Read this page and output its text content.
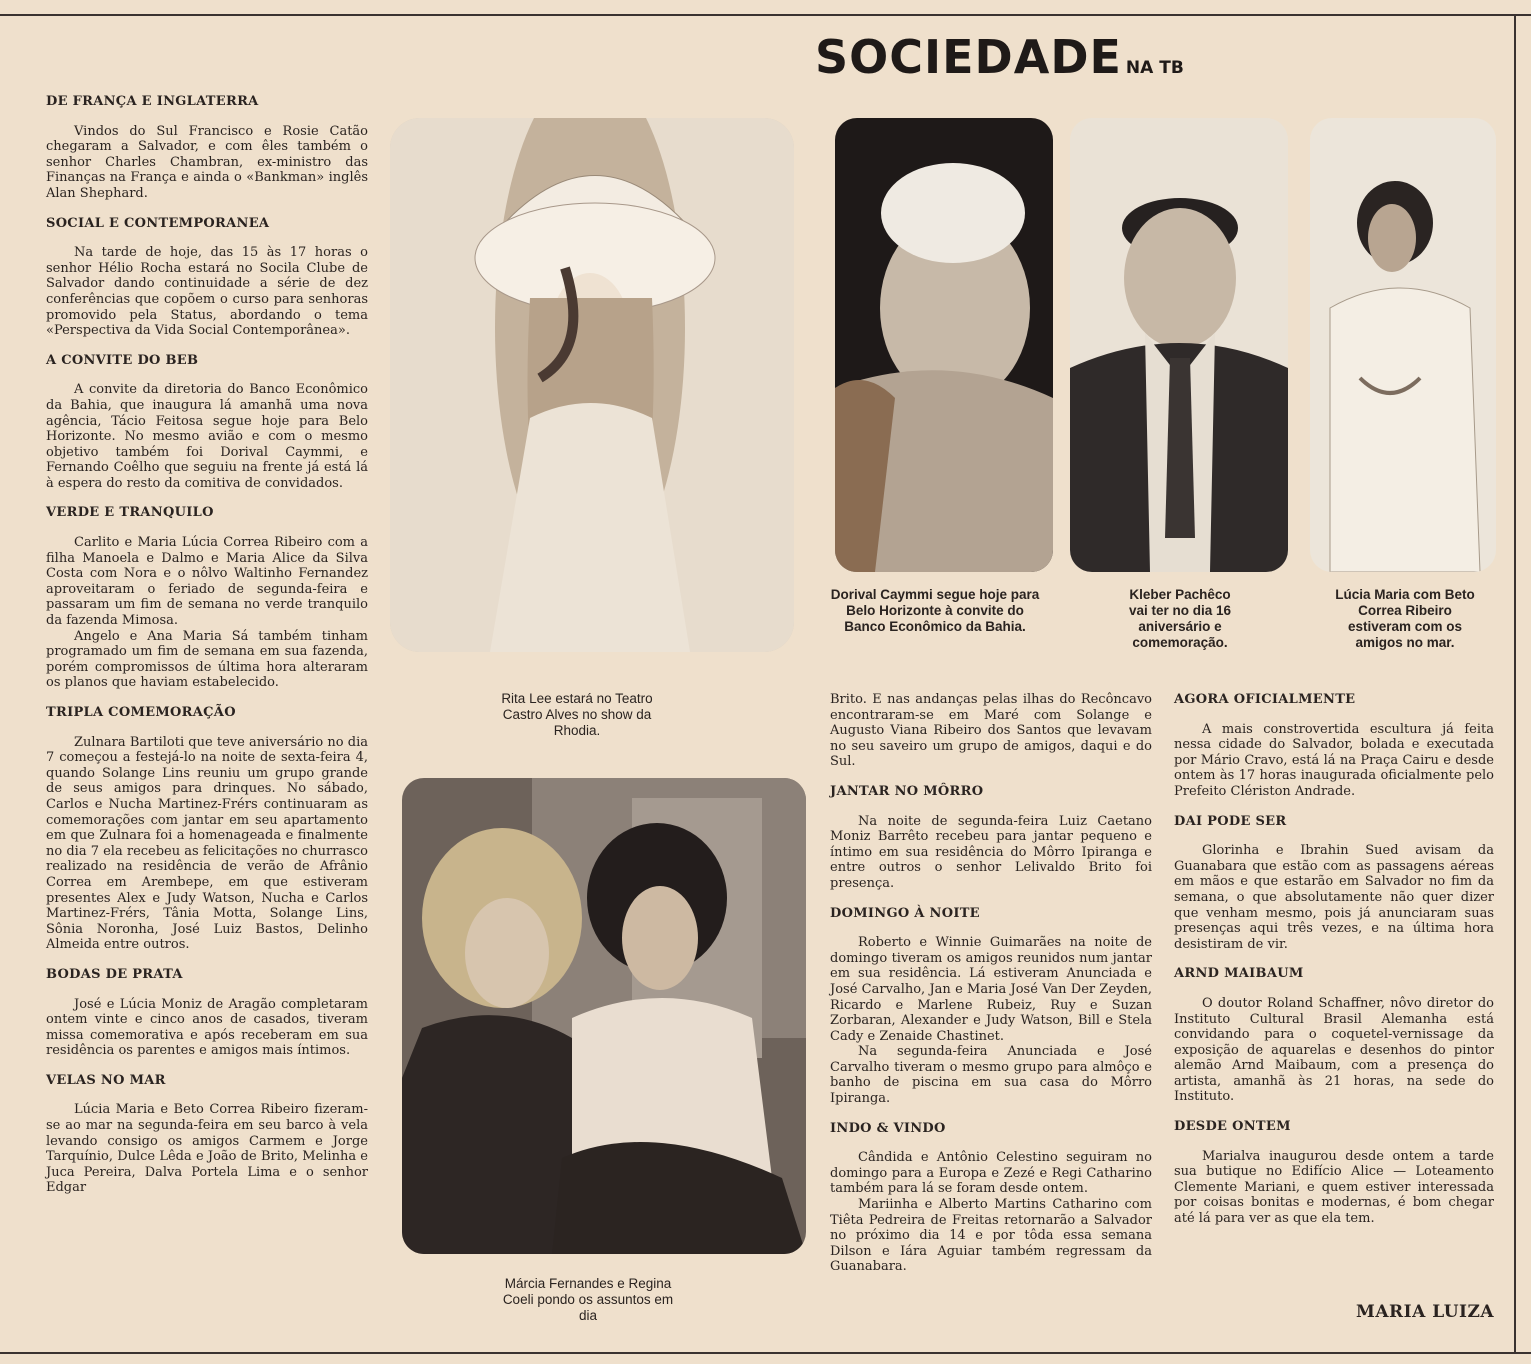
SOCIEDADE NA TB
DE FRANÇA E INGLATERRA

Vindos do Sul Francisco e Rosie Catão chegaram a Salvador, e com êles também o senhor Charles Chambran, ex-ministro das Finanças na França e ainda o «Bankman» inglês Alan Shephard.

SOCIAL E CONTEMPORANEA

Na tarde de hoje, das 15 às 17 horas o senhor Hélio Rocha estará no Socila Clube de Salvador dando continuidade a série de dez conferências que copõem o curso para senhoras promovido pela Status, abordando o tema «Perspectiva da Vida Social Contemporânea».

A CONVITE DO BEB

A convite da diretoria do Banco Econômico da Bahia, que inaugura lá amanhã uma nova agência, Tácio Feitosa segue hoje para Belo Horizonte. No mesmo avião e com o mesmo objetivo também foi Dorival Caymmi, e Fernando Coêlho que seguiu na frente já está lá à espera do resto da comitiva de convidados.

VERDE E TRANQUILO

Carlito e Maria Lúcia Correa Ribeiro com a filha Manoela e Dalmo e Maria Alice da Silva Costa com Nora e o nôlvo Waltinho Fernandez aproveitaram o feriado de segunda-feira e passaram um fim de semana no verde tranquilo da fazenda Mimosa.

Angelo e Ana Maria Sá também tinham programado um fim de semana em sua fazenda, porém compromissos de última hora alteraram os planos que haviam estabelecido.

TRIPLA COMEMORAÇÃO

Zulnara Bartiloti que teve aniversário no dia 7 começou a festejá-lo na noite de sexta-feira 4, quando Solange Lins reuniu um grupo grande de seus amigos para drinques. No sábado, Carlos e Nucha Martinez-Frérs continuaram as comemorações com jantar em seu apartamento em que Zulnara foi a homenageada e finalmente no dia 7 ela recebeu as felicitações no churrasco realizado na residência de verão de Afrânio Correa em Arembepe, em que estiveram presentes Alex e Judy Watson, Nucha e Carlos Martinez-Frérs, Tânia Motta, Solange Lins, Sônia Noronha, José Luiz Bastos, Delinho Almeida entre outros.

BODAS DE PRATA

José e Lúcia Moniz de Aragão completaram ontem vinte e cinco anos de casados, tiveram missa comemorativa e após receberam em sua residência os parentes e amigos mais íntimos.

VELAS NO MAR

Lúcia Maria e Beto Correa Ribeiro fizeram-se ao mar na segunda-feira em seu barco à vela levando consigo os amigos Carmem e Jorge Tarquínio, Dulce Lêda e João de Brito, Melinha e Juca Pereira, Dalva Portela Lima e o senhor Edgar

Rita Lee estará no Teatro Castro Alves no show da Rhodia.
Márcia Fernandes e Regina Coeli pondo os assuntos em dia
Dorival Caymmi segue hoje para Belo Horizonte à convite do Banco Econômico da Bahia.
Kleber Pachêco vai ter no dia 16 aniversário e comemoração.
Lúcia Maria com Beto Correa Ribeiro estiveram com os amigos no mar.

Brito. E nas andanças pelas ilhas do Recôncavo encontraram-se em Maré com Solange e Augusto Viana Ribeiro dos Santos que levavam no seu saveiro um grupo de amigos, daqui e do Sul.

JANTAR NO MÔRRO

Na noite de segunda-feira Luiz Caetano Moniz Barrêto recebeu para jantar pequeno e íntimo em sua residência do Môrro Ipiranga e entre outros o senhor Lelivaldo Brito foi presença.

DOMINGO À NOITE

Roberto e Winnie Guimarães na noite de domingo tiveram os amigos reunidos num jantar em sua residência. Lá estiveram Anunciada e José Carvalho, Jan e Maria José Van Der Zeyden, Ricardo e Marlene Rubeiz, Ruy e Suzan Zorbaran, Alexander e Judy Watson, Bill e Stela Cady e Zenaide Chastinet.

Na segunda-feira Anunciada e José Carvalho tiveram o mesmo grupo para almôço e banho de piscina em sua casa do Môrro Ipiranga.

INDO & VINDO

Cândida e Antônio Celestino seguiram no domingo para a Europa e Zezé e Regi Catharino também para lá se foram desde ontem.

Mariinha e Alberto Martins Catharino com Tiêta Pedreira de Freitas retornarão a Salvador no próximo dia 14 e por tôda essa semana Dilson e Iára Aguiar também regressam da Guanabara.

AGORA OFICIALMENTE

A mais constrovertida escultura já feita nessa cidade do Salvador, bolada e executada por Mário Cravo, está lá na Praça Cairu e desde ontem às 17 horas inaugurada oficialmente pelo Prefeito Clériston Andrade.

DAI PODE SER

Glorinha e Ibrahin Sued avisam da Guanabara que estão com as passagens aéreas em mãos e que estarão em Salvador no fim da semana, o que absolutamente não quer dizer que venham mesmo, pois já anunciaram suas presenças aqui três vezes, e na última hora desistiram de vir.

ARND MAIBAUM

O doutor Roland Schaffner, nôvo diretor do Instituto Cultural Brasil Alemanha está convidando para o coquetel-vernissage da exposição de aquarelas e desenhos do pintor alemão Arnd Maibaum, com a presença do artista, amanhã às 21 horas, na sede do Instituto.

DESDE ONTEM

Marialva inaugurou desde ontem a tarde sua butique no Edifício Alice — Loteamento Clemente Mariani, e quem estiver interessada por coisas bonitas e modernas, é bom chegar até lá para ver as que ela tem.

MARIA LUIZA
